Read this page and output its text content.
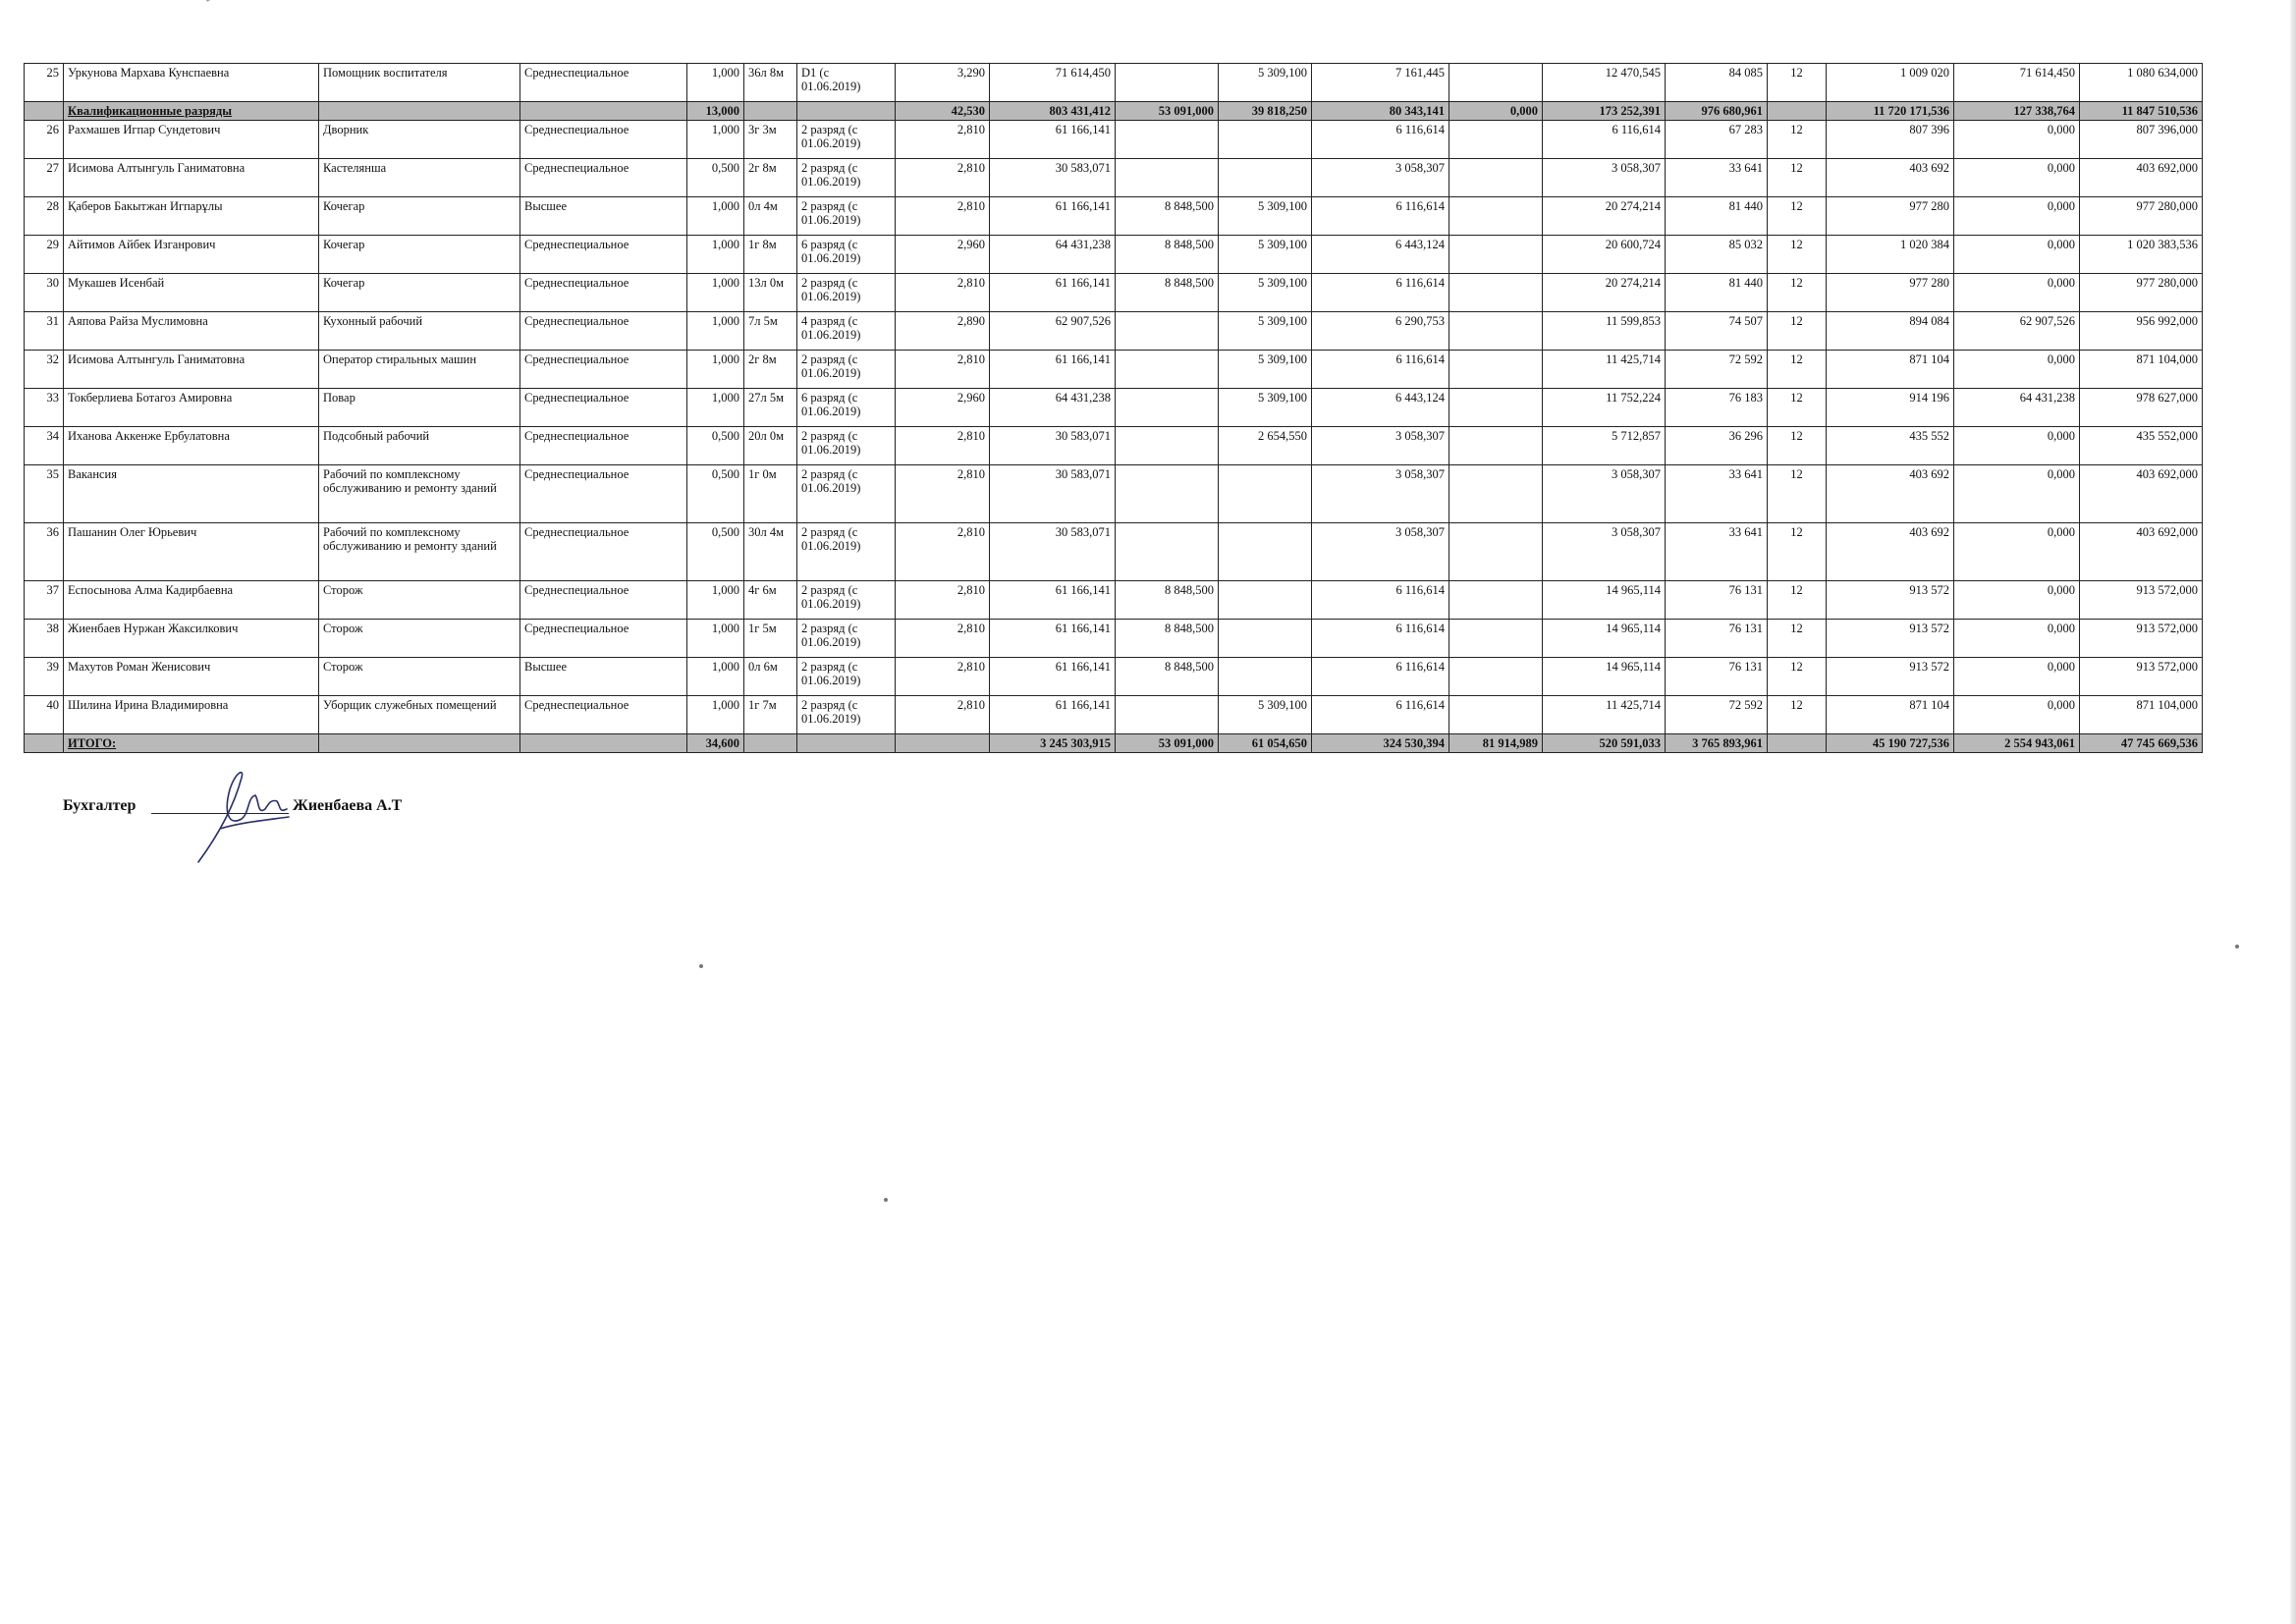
25	Уркунова Мархава Кунспаевна	Помощник воспитателя	Среднеспециальное	1,000	36л 8м	D1 (с 01.06.2019)	3,290	71 614,450		5 309,100	7 161,445		12 470,545	84 085	12	1 009 020	71 614,450	1 080 634,000
	Квалификационные разряды			13,000			42,530	803 431,412	53 091,000	39 818,250	80 343,141	0,000	173 252,391	976 680,961		11 720 171,536	127 338,764	11 847 510,536
26	Рахмашев Игпар Сундетович	Дворник	Среднеспециальное	1,000	3г 3м	2 разряд (с 01.06.2019)	2,810	61 166,141			6 116,614		6 116,614	67 283	12	807 396	0,000	807 396,000
27	Исимова Алтынгуль Ганиматовна	Кастелянша	Среднеспециальное	0,500	2г 8м	2 разряд (с 01.06.2019)	2,810	30 583,071			3 058,307		3 058,307	33 641	12	403 692	0,000	403 692,000
28	Қаберов Бакытжан Игпарұлы	Кочегар	Высшее	1,000	0л 4м	2 разряд (с 01.06.2019)	2,810	61 166,141	8 848,500	5 309,100	6 116,614		20 274,214	81 440	12	977 280	0,000	977 280,000
29	Айтимов Айбек Изганрович	Кочегар	Среднеспециальное	1,000	1г 8м	6 разряд (с 01.06.2019)	2,960	64 431,238	8 848,500	5 309,100	6 443,124		20 600,724	85 032	12	1 020 384	0,000	1 020 383,536
30	Мукашев Исенбай	Кочегар	Среднеспециальное	1,000	13л 0м	2 разряд (с 01.06.2019)	2,810	61 166,141	8 848,500	5 309,100	6 116,614		20 274,214	81 440	12	977 280	0,000	977 280,000
31	Аяпова Райза Муслимовна	Кухонный рабочий	Среднеспециальное	1,000	7л 5м	4 разряд (с 01.06.2019)	2,890	62 907,526		5 309,100	6 290,753		11 599,853	74 507	12	894 084	62 907,526	956 992,000
32	Исимова Алтынгуль Ганиматовна	Оператор стиральных машин	Среднеспециальное	1,000	2г 8м	2 разряд (с 01.06.2019)	2,810	61 166,141		5 309,100	6 116,614		11 425,714	72 592	12	871 104	0,000	871 104,000
33	Токберлиева Ботагоз Амировна	Повар	Среднеспециальное	1,000	27л 5м	6 разряд (с 01.06.2019)	2,960	64 431,238		5 309,100	6 443,124		11 752,224	76 183	12	914 196	64 431,238	978 627,000
34	Иханова Аккенже Ербулатовна	Подсобный рабочий	Среднеспециальное	0,500	20л 0м	2 разряд (с 01.06.2019)	2,810	30 583,071		2 654,550	3 058,307		5 712,857	36 296	12	435 552	0,000	435 552,000
35	Вакансия	Рабочий по комплексному обслуживанию и ремонту зданий	Среднеспециальное	0,500	1г 0м	2 разряд (с 01.06.2019)	2,810	30 583,071			3 058,307		3 058,307	33 641	12	403 692	0,000	403 692,000
36	Пашанин Олег Юрьевич	Рабочий по комплексному обслуживанию и ремонту зданий	Среднеспециальное	0,500	30л 4м	2 разряд (с 01.06.2019)	2,810	30 583,071			3 058,307		3 058,307	33 641	12	403 692	0,000	403 692,000
37	Еспосынова Алма Кадирбаевна	Сторож	Среднеспециальное	1,000	4г 6м	2 разряд (с 01.06.2019)	2,810	61 166,141	8 848,500		6 116,614		14 965,114	76 131	12	913 572	0,000	913 572,000
38	Жиенбаев Нуржан Жаксилкович	Сторож	Среднеспециальное	1,000	1г 5м	2 разряд (с 01.06.2019)	2,810	61 166,141	8 848,500		6 116,614		14 965,114	76 131	12	913 572	0,000	913 572,000
39	Махутов Роман Женисович	Сторож	Высшее	1,000	0л 6м	2 разряд (с 01.06.2019)	2,810	61 166,141	8 848,500		6 116,614		14 965,114	76 131	12	913 572	0,000	913 572,000
40	Шилина Ирина Владимировна	Уборщик служебных помещений	Среднеспециальное	1,000	1г 7м	2 разряд (с 01.06.2019)	2,810	61 166,141		5 309,100	6 116,614		11 425,714	72 592	12	871 104	0,000	871 104,000
	ИТОГО:			34,600				3 245 303,915	53 091,000	61 054,650	324 530,394	81 914,989	520 591,033	3 765 893,961		45 190 727,536	2 554 943,061	47 745 669,536
Бухгалтер	Жиенбаева А.Т
